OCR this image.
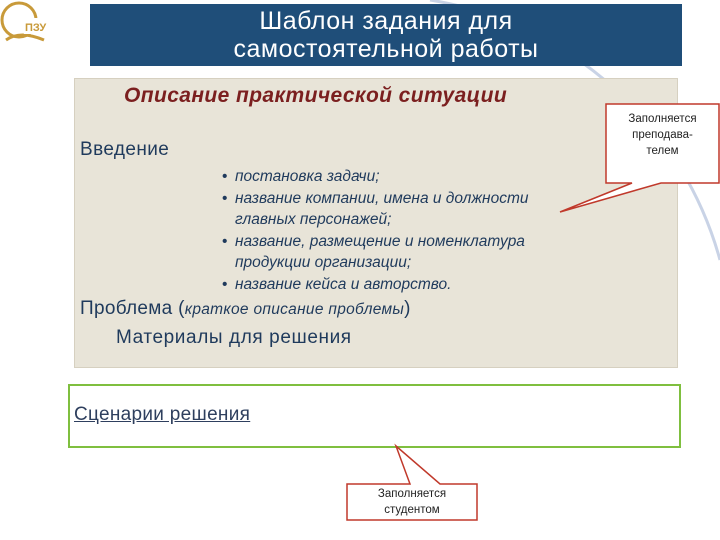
ПЗУ	Шаблон задания для
самостоятельной работы
Описание практической ситуации
Введение
• постановка задачи;
• название компании, имена и должности
главных персонажей;
• название, размещение и номенклатура
продукции организации;
• название кейса и авторство.
Проблема (краткое описание проблемы)
Материалы для решения
Сценарии решения
Заполняется
преподава-
телем
Заполняется
студентом
